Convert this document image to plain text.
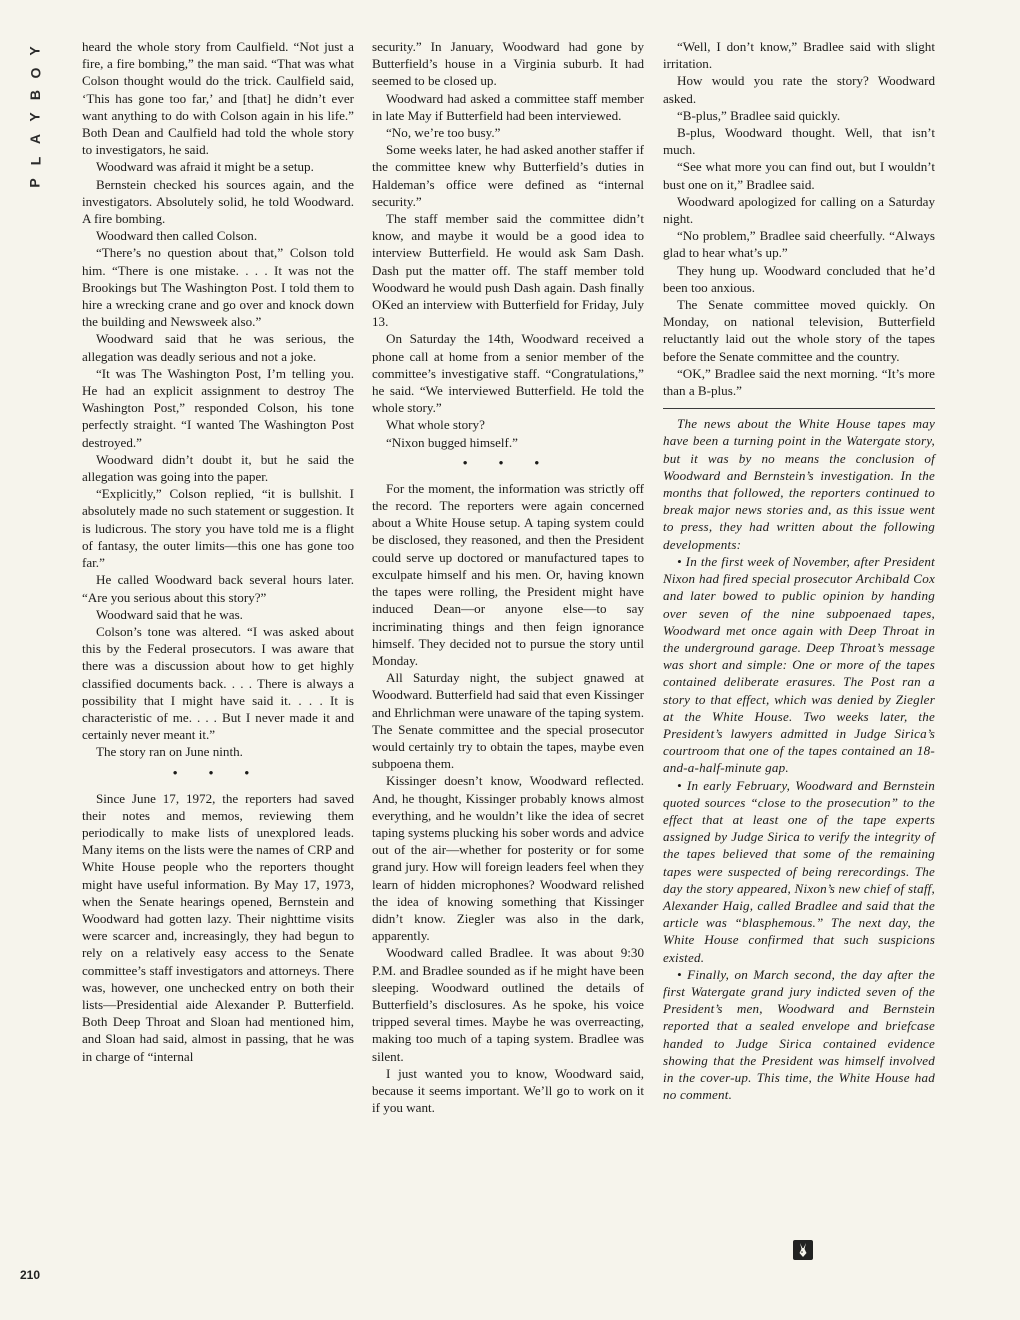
Y
O
B
Y
A
L
P
210

heard the whole story from Caulfield. “Not just a fire, a fire bombing,” the man said. “That was what Colson thought would do the trick. Caulfield said, ‘This has gone too far,’ and [that] he didn’t ever want anything to do with Colson again in his life.” Both Dean and Caulfield had told the whole story to investigators, he said.

Woodward was afraid it might be a setup.

Bernstein checked his sources again, and the investigators. Absolutely solid, he told Woodward. A fire bombing.

Woodward then called Colson.

“There’s no question about that,” Colson told him. “There is one mistake. . . . It was not the Brookings but The Washington Post. I told them to hire a wrecking crane and go over and knock down the building and Newsweek also.”

Woodward said that he was serious, the allegation was deadly serious and not a joke.

“It was The Washington Post, I’m telling you. He had an explicit assignment to destroy The Washington Post,” responded Colson, his tone perfectly straight. “I wanted The Washington Post destroyed.”

Woodward didn’t doubt it, but he said the allegation was going into the paper.

“Explicitly,” Colson replied, “it is bullshit. I absolutely made no such statement or suggestion. It is ludicrous. The story you have told me is a flight of fantasy, the outer limits—this one has gone too far.”

He called Woodward back several hours later. “Are you serious about this story?”

Woodward said that he was.

Colson’s tone was altered. “I was asked about this by the Federal prosecutors. I was aware that there was a discussion about how to get highly classified documents back. . . . There is always a possibility that I might have said it. . . . It is characteristic of me. . . . But I never made it and certainly never meant it.”

The story ran on June ninth.

• • •

Since June 17, 1972, the reporters had saved their notes and memos, reviewing them periodically to make lists of unexplored leads. Many items on the lists were the names of CRP and White House people who the reporters thought might have useful information. By May 17, 1973, when the Senate hearings opened, Bernstein and Woodward had gotten lazy. Their nighttime visits were scarcer and, increasingly, they had begun to rely on a relatively easy access to the Senate committee’s staff investigators and attorneys. There was, however, one unchecked entry on both their lists—Presidential aide Alexander P. Butterfield. Both Deep Throat and Sloan had mentioned him, and Sloan had said, almost in passing, that he was in charge of “internal

security.” In January, Woodward had gone by Butterfield’s house in a Virginia suburb. It had seemed to be closed up.

Woodward had asked a committee staff member in late May if Butterfield had been interviewed.

“No, we’re too busy.”

Some weeks later, he had asked another staffer if the committee knew why Butterfield’s duties in Haldeman’s office were defined as “internal security.”

The staff member said the committee didn’t know, and maybe it would be a good idea to interview Butterfield. He would ask Sam Dash. Dash put the matter off. The staff member told Woodward he would push Dash again. Dash finally OKed an interview with Butterfield for Friday, July 13.

On Saturday the 14th, Woodward received a phone call at home from a senior member of the committee’s investigative staff. “Congratulations,” he said. “We interviewed Butterfield. He told the whole story.”

What whole story?

“Nixon bugged himself.”

• • •

For the moment, the information was strictly off the record. The reporters were again concerned about a White House setup. A taping system could be disclosed, they reasoned, and then the President could serve up doctored or manufactured tapes to exculpate himself and his men. Or, having known the tapes were rolling, the President might have induced Dean—or anyone else—to say incriminating things and then feign ignorance himself. They decided not to pursue the story until Monday.

All Saturday night, the subject gnawed at Woodward. Butterfield had said that even Kissinger and Ehrlichman were unaware of the taping system. The Senate committee and the special prosecutor would certainly try to obtain the tapes, maybe even subpoena them.

Kissinger doesn’t know, Woodward reflected. And, he thought, Kissinger probably knows almost everything, and he wouldn’t like the idea of secret taping systems plucking his sober words and advice out of the air—whether for posterity or for some grand jury. How will foreign leaders feel when they learn of hidden microphones? Woodward relished the idea of knowing something that Kissinger didn’t know. Ziegler was also in the dark, apparently.

Woodward called Bradlee. It was about 9:30 P.M. and Bradlee sounded as if he might have been sleeping. Woodward outlined the details of Butterfield’s disclosures. As he spoke, his voice tripped several times. Maybe he was overreacting, making too much of a taping system. Bradlee was silent.

I just wanted you to know, Woodward said, because it seems important. We’ll go to work on it if you want.

“Well, I don’t know,” Bradlee said with slight irritation.

How would you rate the story? Woodward asked.

“B-plus,” Bradlee said quickly.

B-plus, Woodward thought. Well, that isn’t much.

“See what more you can find out, but I wouldn’t bust one on it,” Bradlee said.

Woodward apologized for calling on a Saturday night.

“No problem,” Bradlee said cheerfully. “Always glad to hear what’s up.”

They hung up. Woodward concluded that he’d been too anxious.

The Senate committee moved quickly. On Monday, on national television, Butterfield reluctantly laid out the whole story of the tapes before the Senate committee and the country.

“OK,” Bradlee said the next morning. “It’s more than a B-plus.”

The news about the White House tapes may have been a turning point in the Watergate story, but it was by no means the conclusion of Woodward and Bernstein’s investigation. In the months that followed, the reporters continued to break major news stories and, as this issue went to press, they had written about the following developments:

• In the first week of November, after President Nixon had fired special prosecutor Archibald Cox and later bowed to public opinion by handing over seven of the nine subpoenaed tapes, Woodward met once again with Deep Throat in the underground garage. Deep Throat’s message was short and simple: One or more of the tapes contained deliberate erasures. The Post ran a story to that effect, which was denied by Ziegler at the White House. Two weeks later, the President’s lawyers admitted in Judge Sirica’s courtroom that one of the tapes contained an 18-and-a-half-minute gap.

• In early February, Woodward and Bernstein quoted sources “close to the prosecution” to the effect that at least one of the tape experts assigned by Judge Sirica to verify the integrity of the tapes believed that some of the remaining tapes were suspected of being rerecordings. The day the story appeared, Nixon’s new chief of staff, Alexander Haig, called Bradlee and said that the article was “blasphemous.” The next day, the White House confirmed that such suspicions existed.

• Finally, on March second, the day after the first Watergate grand jury indicted seven of the President’s men, Woodward and Bernstein reported that a sealed envelope and briefcase handed to Judge Sirica contained evidence showing that the President was himself involved in the cover-up. This time, the White House had no comment.
